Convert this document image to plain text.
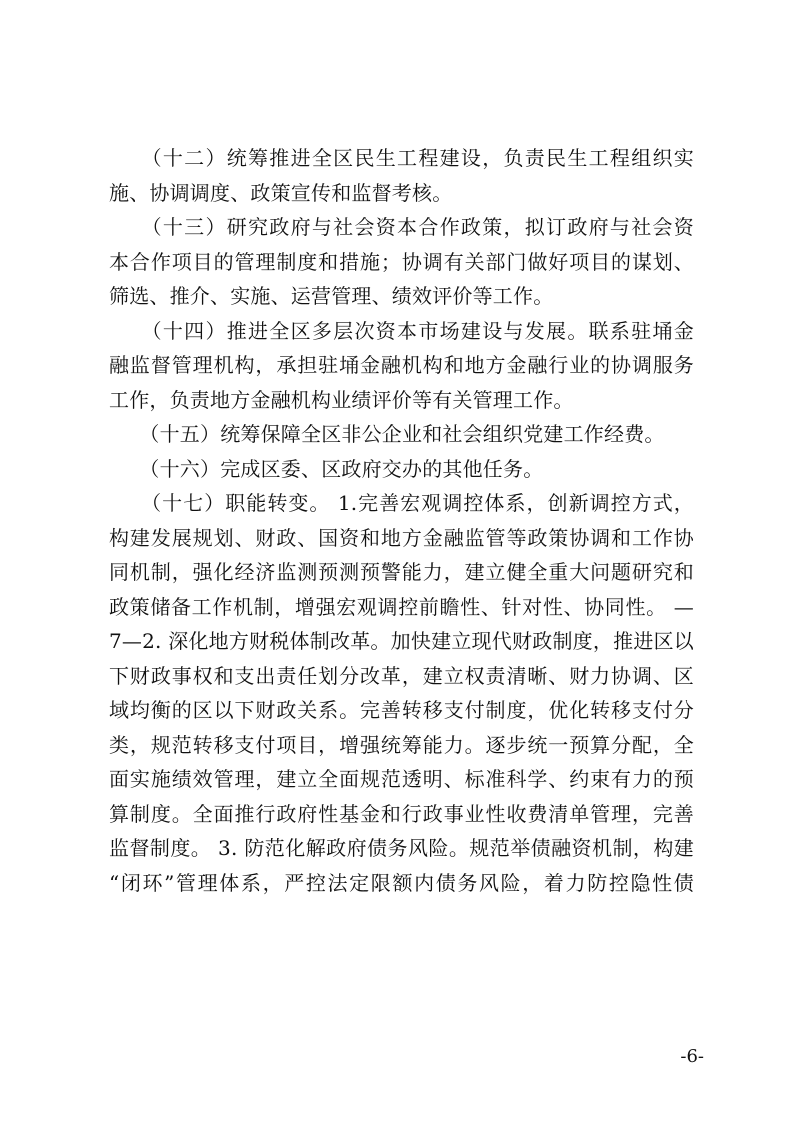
　　（十二）统筹推进全区民生工程建设，负责民生工程组织实
施、协调调度、政策宣传和监督考核。
　　（十三）研究政府与社会资本合作政策，拟订政府与社会资
本合作项目的管理制度和措施；协调有关部门做好项目的谋划、
筛选、推介、实施、运营管理、绩效评价等工作。
　　（十四）推进全区多层次资本市场建设与发展。联系驻埇金
融监督管理机构，承担驻埇金融机构和地方金融行业的协调服务
工作，负责地方金融机构业绩评价等有关管理工作。
　　（十五）统筹保障全区非公企业和社会组织党建工作经费。
　　（十六）完成区委、区政府交办的其他任务。
　　（十七）职能转变。 1.完善宏观调控体系，创新调控方式，
构建发展规划、财政、国资和地方金融监管等政策协调和工作协
同机制，强化经济监测预测预警能力，建立健全重大问题研究和
政策储备工作机制，增强宏观调控前瞻性、针对性、协同性。 —
7—2. 深化地方财税体制改革。加快建立现代财政制度，推进区以
下财政事权和支出责任划分改革，建立权责清晰、财力协调、区
域均衡的区以下财政关系。完善转移支付制度，优化转移支付分
类，规范转移支付项目，增强统筹能力。逐步统一预算分配，全
面实施绩效管理，建立全面规范透明、标准科学、约束有力的预
算制度。全面推行政府性基金和行政事业性收费清单管理，完善
监督制度。 3. 防范化解政府债务风险。规范举债融资机制，构建
“闭环”管理体系，严控法定限额内债务风险，着力防控隐性债
-6-
